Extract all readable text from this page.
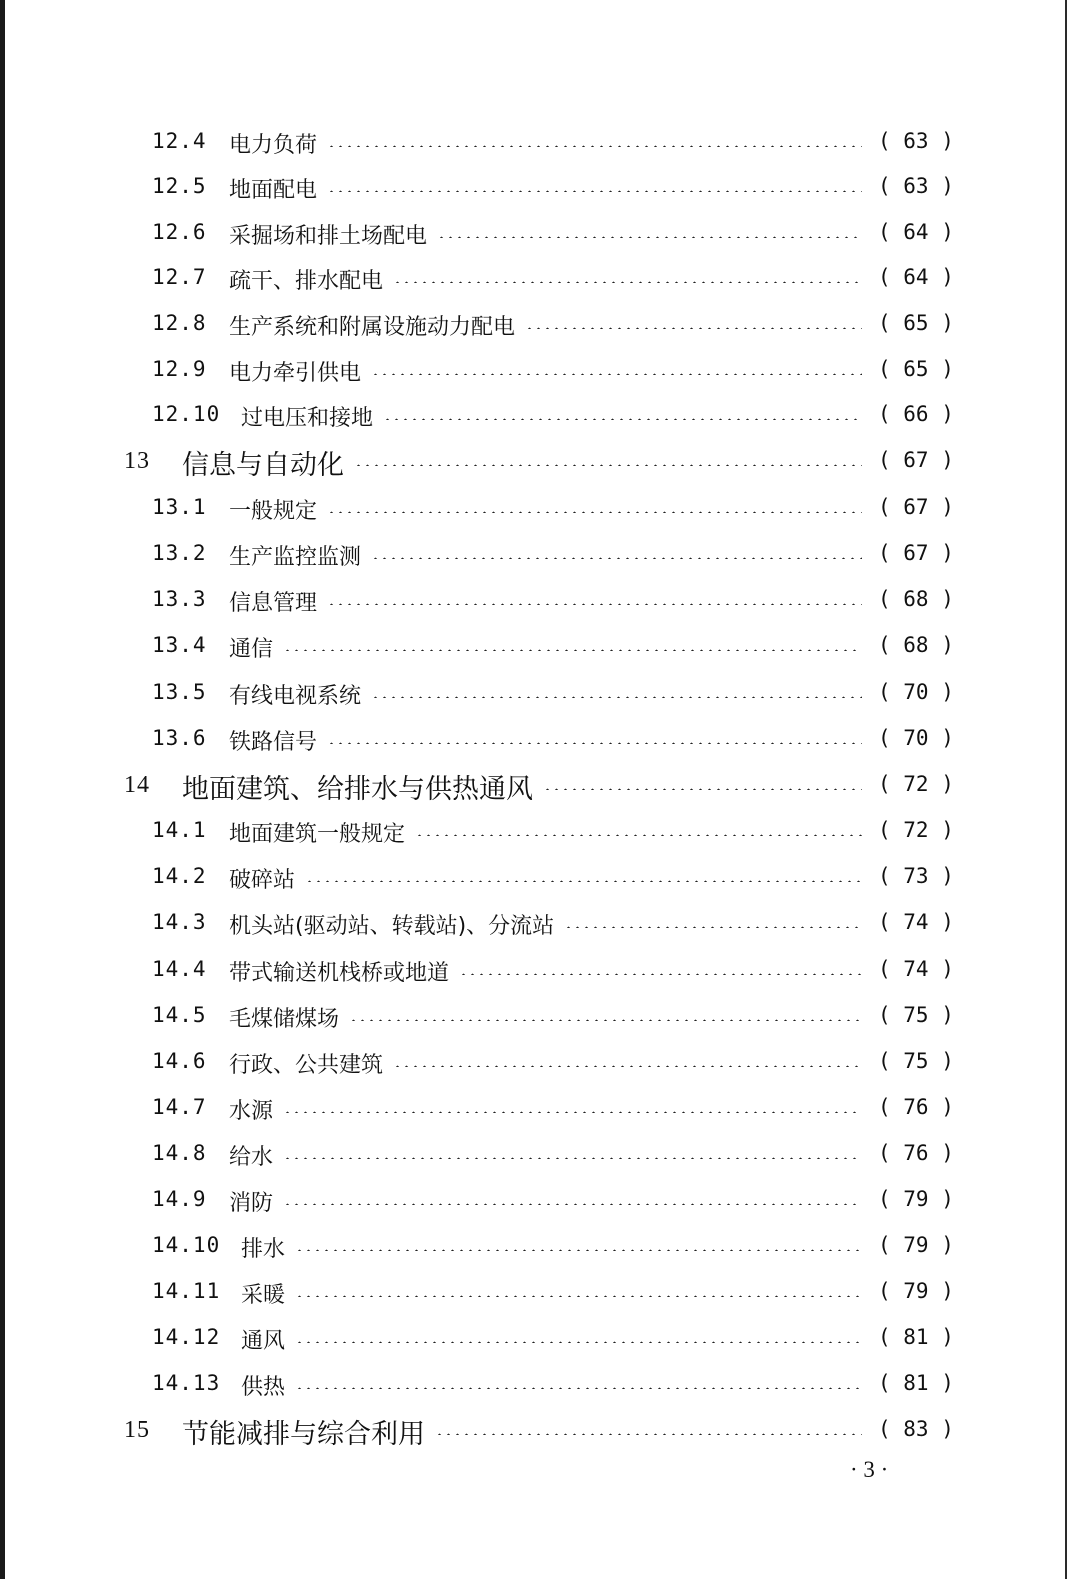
12.4 电力负荷	( 63 )
12.5 地面配电	( 63 )
12.6 采掘场和排土场配电	( 64 )
12.7 疏干、排水配电	( 64 )
12.8 生产系统和附属设施动力配电	( 65 )
12.9 电力牵引供电	( 65 )
12.10 过电压和接地	( 66 )
13 信息与自动化	( 67 )
13.1 一般规定	( 67 )
13.2 生产监控监测	( 67 )
13.3 信息管理	( 68 )
13.4 通信	( 68 )
13.5 有线电视系统	( 70 )
13.6 铁路信号	( 70 )
14 地面建筑、给排水与供热通风	( 72 )
14.1 地面建筑一般规定	( 72 )
14.2 破碎站	( 73 )
14.3 机头站(驱动站、转载站)、分流站	( 74 )
14.4 带式输送机栈桥或地道	( 74 )
14.5 毛煤储煤场	( 75 )
14.6 行政、公共建筑	( 75 )
14.7 水源	( 76 )
14.8 给水	( 76 )
14.9 消防	( 79 )
14.10 排水	( 79 )
14.11 采暖	( 79 )
14.12 通风	( 81 )
14.13 供热	( 81 )
15 节能减排与综合利用	( 83 )
· 3 ·
